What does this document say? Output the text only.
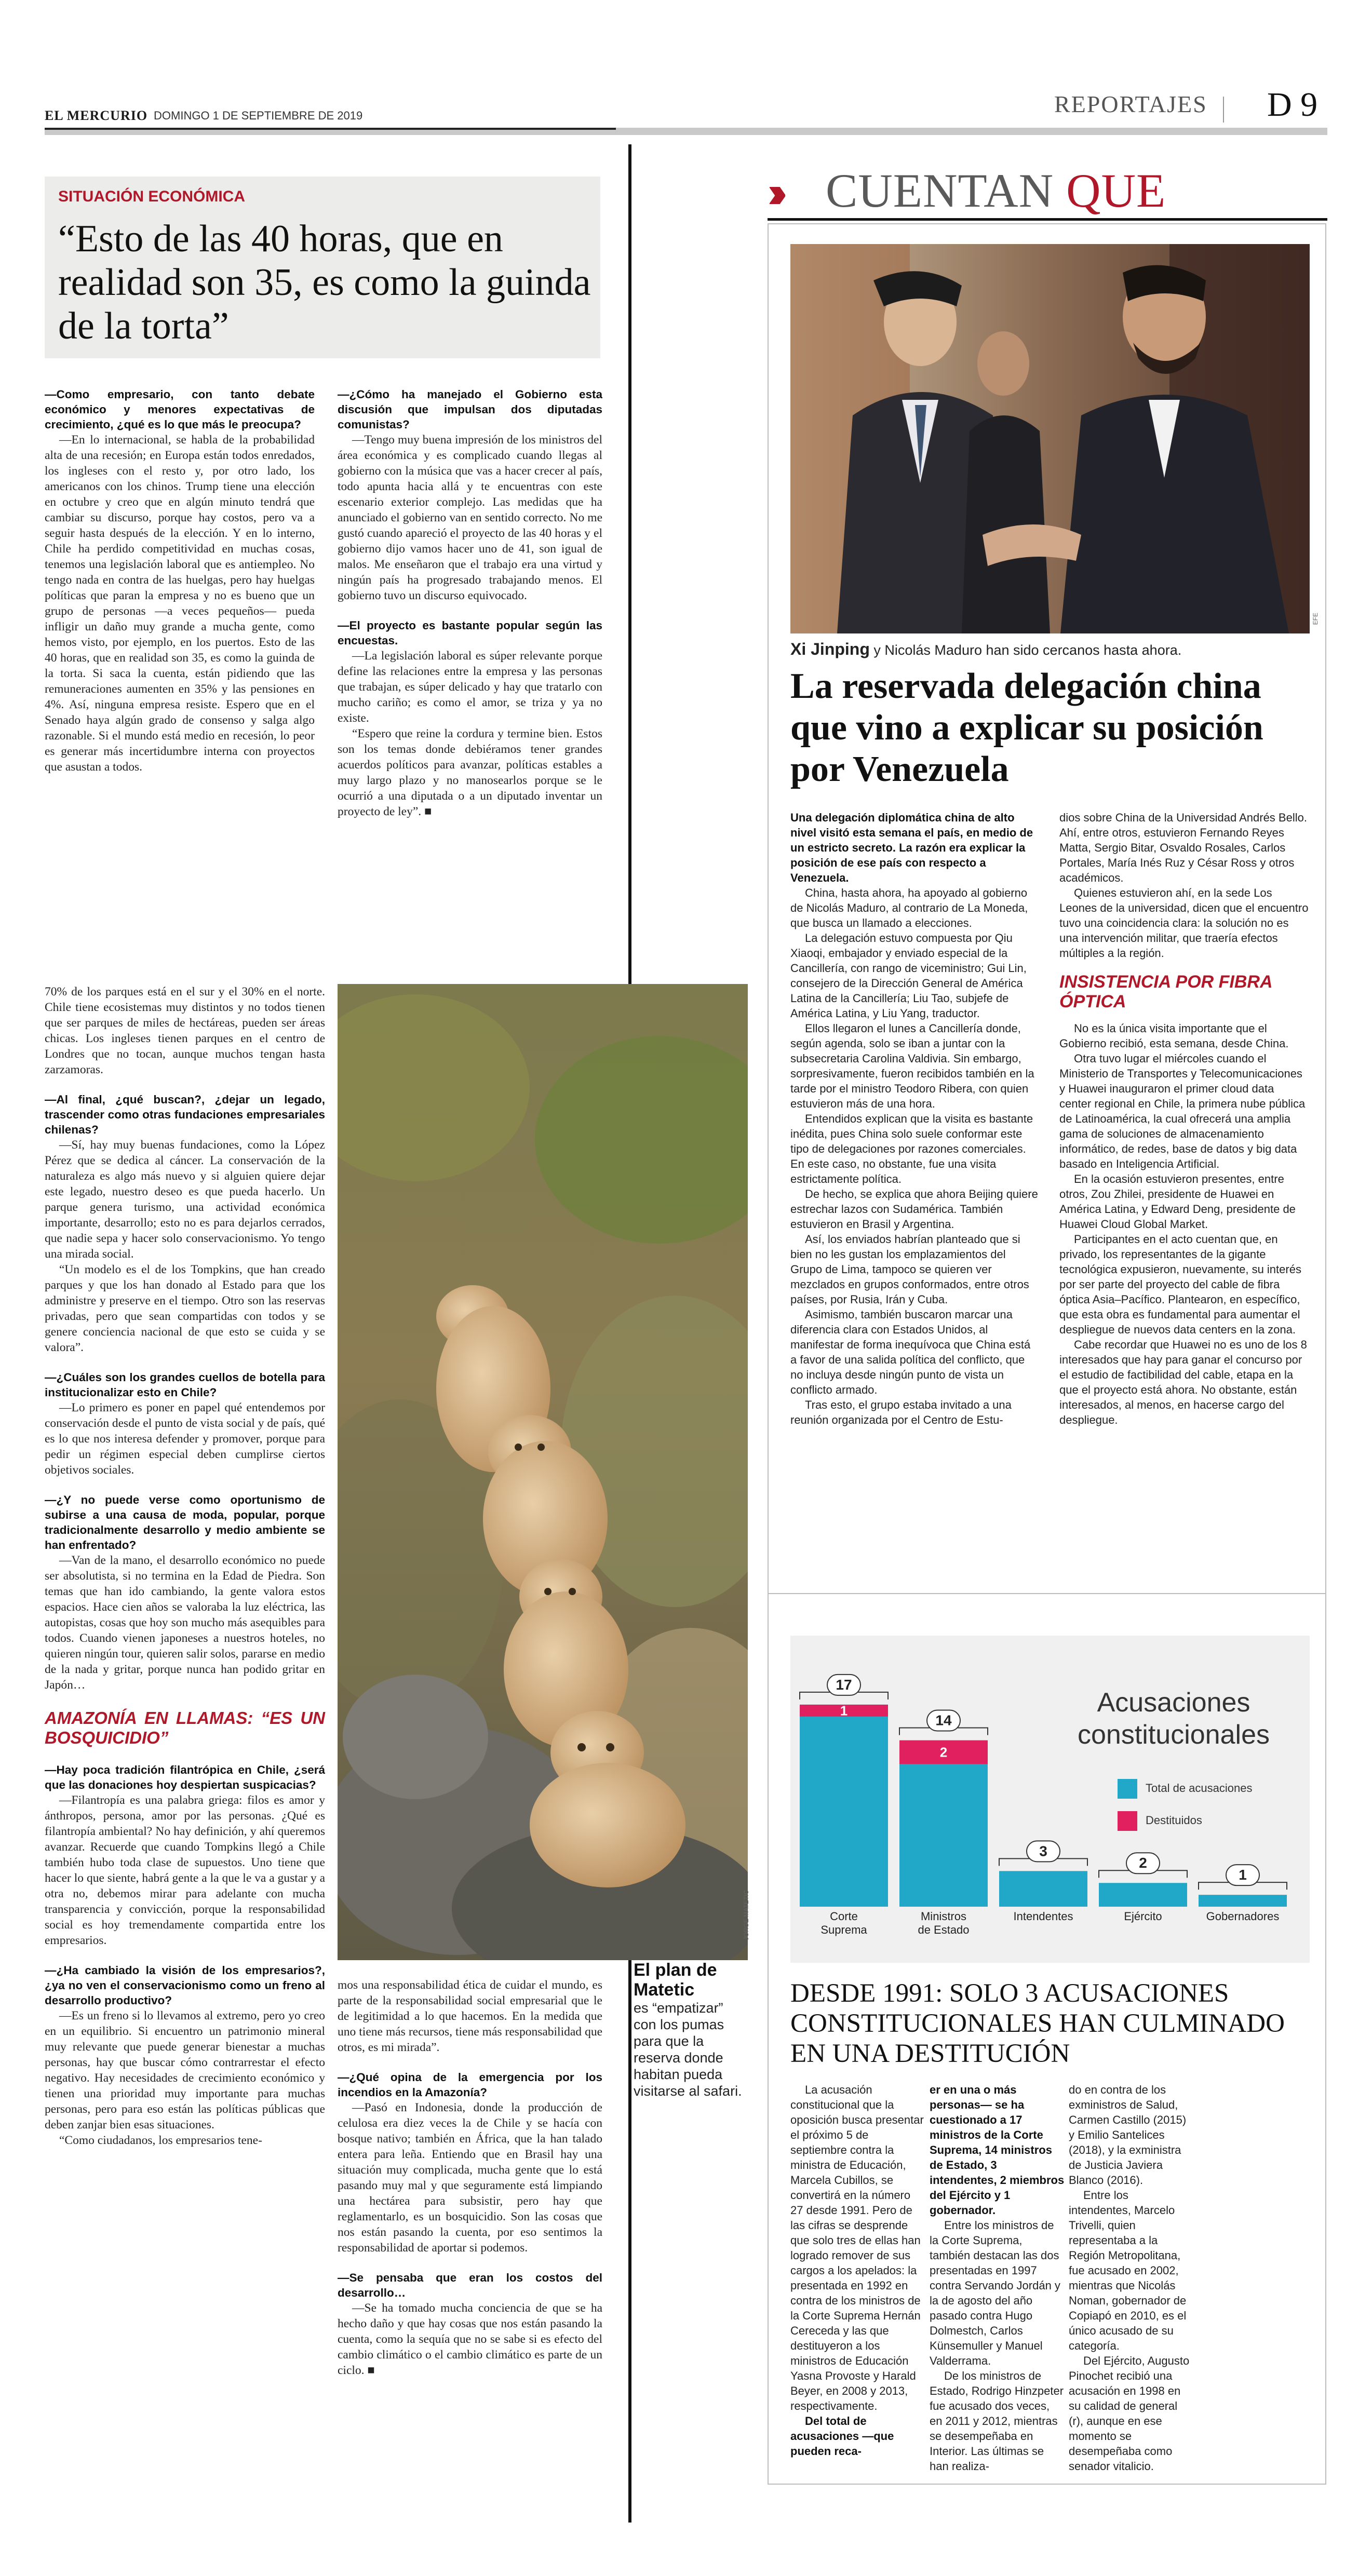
EL MERCURIO DOMINGO 1 DE SEPTIEMBRE DE 2019	REPORTAJES D 9
SITUACIÓN ECONÓMICA
“Esto de las 40 horas, que en realidad son 35, es como la guinda de la torta”

—Como empresario, con tanto debate económico y menores expectativas de crecimiento, ¿qué es lo que más le preocupa?

—En lo internacional, se habla de la probabilidad alta de una recesión; en Europa están todos enredados, los ingleses con el resto y, por otro lado, los americanos con los chinos. Trump tiene una elección en octubre y creo que en algún minuto tendrá que cambiar su discurso, porque hay costos, pero va a seguir hasta después de la elección. Y en lo interno, Chile ha perdido competitividad en muchas cosas, tenemos una legislación laboral que es antiempleo. No tengo nada en contra de las huelgas, pero hay huelgas políticas que paran la empresa y no es bueno que un grupo de personas —a veces pequeños— pueda infligir un daño muy grande a mucha gente, como hemos visto, por ejemplo, en los puertos. Esto de las 40 horas, que en realidad son 35, es como la guinda de la torta. Si saca la cuenta, están pidiendo que las remuneraciones aumenten en 35% y las pensiones en 4%. Así, ninguna empresa resiste. Espero que en el Senado haya algún grado de consenso y salga algo razonable. Si el mundo está medio en recesión, lo peor es generar más incertidumbre interna con proyectos que asustan a todos.

—¿Cómo ha manejado el Gobierno esta discusión que impulsan dos diputadas comunistas?

—Tengo muy buena impresión de los ministros del área económica y es complicado cuando llegas al gobierno con la música que vas a hacer crecer al país, todo apunta hacia allá y te encuentras con este escenario exterior complejo. Las medidas que ha anunciado el gobierno van en sentido correcto. No me gustó cuando apareció el proyecto de las 40 horas y el gobierno dijo vamos hacer uno de 41, son igual de malos. Me enseñaron que el trabajo era una virtud y ningún país ha progresado trabajando menos. El gobierno tuvo un discurso equivocado.

—El proyecto es bastante popular según las encuestas.

—La legislación laboral es súper relevante porque define las relaciones entre la empresa y las personas que trabajan, es súper delicado y hay que tratarlo con mucho cariño; es como el amor, se triza y ya no existe.

“Espero que reine la cordura y termine bien. Estos son los temas donde debiéramos tener grandes acuerdos políticos para avanzar, políticas estables a muy largo plazo y no manosearlos porque se le ocurrió a una diputada o a un diputado inventar un proyecto de ley”. ■

70% de los parques está en el sur y el 30% en el norte. Chile tiene ecosistemas muy distintos y no todos tienen que ser parques de miles de hectáreas, pueden ser áreas chicas. Los ingleses tienen parques en el centro de Londres que no tocan, aunque muchos tengan hasta zarzamoras.

—Al final, ¿qué buscan?, ¿dejar un legado, trascender como otras fundaciones empresariales chilenas?

—Sí, hay muy buenas fundaciones, como la López Pérez que se dedica al cáncer. La conservación de la naturaleza es algo más nuevo y si alguien quiere dejar este legado, nuestro deseo es que pueda hacerlo. Un parque genera turismo, una actividad económica importante, desarrollo; esto no es para dejarlos cerrados, que nadie sepa y hacer solo conservacionismo. Yo tengo una mirada social.

“Un modelo es el de los Tompkins, que han creado parques y que los han donado al Estado para que los administre y preserve en el tiempo. Otro son las reservas privadas, pero que sean compartidas con todos y se genere conciencia nacional de que esto se cuida y se valora”.

—¿Cuáles son los grandes cuellos de botella para institucionalizar esto en Chile?

—Lo primero es poner en papel qué entendemos por conservación desde el punto de vista social y de país, qué es lo que nos interesa defender y promover, porque para pedir un régimen especial deben cumplirse ciertos objetivos sociales.

—¿Y no puede verse como oportunismo de subirse a una causa de moda, popular, porque tradicionalmente desarrollo y medio ambiente se han enfrentado?

—Van de la mano, el desarrollo económico no puede ser absolutista, si no termina en la Edad de Piedra. Son temas que han ido cambiando, la gente valora estos espacios. Hace cien años se valoraba la luz eléctrica, las autopistas, cosas que hoy son mucho más asequibles para todos. Cuando vienen japoneses a nuestros hoteles, no quieren ningún tour, quieren salir solos, pararse en medio de la nada y gritar, porque nunca han podido gritar en Japón…

AMAZONÍA EN LLAMAS: “ES UN BOSQUICIDIO”

—Hay poca tradición filantrópica en Chile, ¿será que las donaciones hoy despiertan suspicacias?

—Filantropía es una palabra griega: filos es amor y ánthropos, persona, amor por las personas. ¿Qué es filantropía ambiental? No hay definición, y ahí queremos avanzar. Recuerde que cuando Tompkins llegó a Chile también hubo toda clase de supuestos. Uno tiene que hacer lo que siente, habrá gente a la que le va a gustar y a otra no, debemos mirar para adelante con mucha transparencia y convicción, porque la responsabilidad social es hoy tremendamente compartida entre los empresarios.

—¿Ha cambiado la visión de los empresarios?, ¿ya no ven el conservacionismo como un freno al desarrollo productivo?

—Es un freno si lo llevamos al extremo, pero yo creo en un equilibrio. Si encuentro un patrimonio mineral muy relevante que puede generar bienestar a muchas personas, hay que buscar cómo contrarrestar el efecto negativo. Hay necesidades de crecimiento económico y tienen una prioridad muy importante para muchas personas, pero para eso están las políticas públicas que deben zanjar bien esas situaciones.

“Como ciudadanos, los empresarios tene-

mos una responsabilidad ética de cuidar el mundo, es parte de la responsabilidad social empresarial que le de legitimidad a lo que hacemos. En la medida que uno tiene más recursos, tiene más responsabilidad que otros, es mi mirada”.

—¿Qué opina de la emergencia por los incendios en la Amazonía?

—Pasó en Indonesia, donde la producción de celulosa era diez veces la de Chile y se hacía con bosque nativo; también en África, que la han talado entera para leña. Entiendo que en Brasil hay una situación muy complicada, mucha gente que lo está pasando muy mal y que seguramente está limpiando una hectárea para subsistir, pero hay que reglamentarlo, es un bosquicidio. Son las cosas que nos están pasando la cuenta, por eso sentimos la responsabilidad de aportar si podemos.

—Se pensaba que eran los costos del desarrollo…

—Se ha tomado mucha conciencia de que se ha hecho daño y que hay cosas que nos están pasando la cuenta, como la sequía que no se sabe si es efecto del cambio climático o el cambio climático es parte de un ciclo. ■

JORGE MATETIC
El plan de Matetic
es “empatizar” con los pumas para que la reserva donde habitan pueda visitarse al safari.
›› CUENTAN QUE
EFE
Xi Jinping y Nicolás Maduro han sido cercanos hasta ahora.
La reservada delegación china que vino a explicar su posición por Venezuela

Una delegación diplomática china de alto nivel visitó esta semana el país, en medio de un estricto secreto. La razón era explicar la posición de ese país con respecto a Venezuela.

China, hasta ahora, ha apoyado al gobierno de Nicolás Maduro, al contrario de La Moneda, que busca un llamado a elecciones.

La delegación estuvo compuesta por Qiu Xiaoqi, embajador y enviado especial de la Cancillería, con rango de viceministro; Gui Lin, consejero de la Dirección General de América Latina de la Cancillería; Liu Tao, subjefe de América Latina, y Liu Yang, traductor.

Ellos llegaron el lunes a Cancillería donde, según agenda, solo se iban a juntar con la subsecretaria Carolina Valdivia. Sin embargo, sorpresivamente, fueron recibidos también en la tarde por el ministro Teodoro Ribera, con quien estuvieron más de una hora.

Entendidos explican que la visita es bastante inédita, pues China solo suele conformar este tipo de delegaciones por razones comerciales. En este caso, no obstante, fue una visita estrictamente política.

De hecho, se explica que ahora Beijing quiere estrechar lazos con Sudamérica. También estuvieron en Brasil y Argentina.

Así, los enviados habrían planteado que si bien no les gustan los emplazamientos del Grupo de Lima, tampoco se quieren ver mezclados en grupos conformados, entre otros países, por Rusia, Irán y Cuba.

Asimismo, también buscaron marcar una diferencia clara con Estados Unidos, al manifestar de forma inequívoca que China está a favor de una salida política del conflicto, que no incluya desde ningún punto de vista un conflicto armado.

Tras esto, el grupo estaba invitado a una reunión organizada por el Centro de Estu-

dios sobre China de la Universidad Andrés Bello. Ahí, entre otros, estuvieron Fernando Reyes Matta, Sergio Bitar, Osvaldo Rosales, Carlos Portales, María Inés Ruz y César Ross y otros académicos.

Quienes estuvieron ahí, en la sede Los Leones de la universidad, dicen que el encuentro tuvo una coincidencia clara: la solución no es una intervención militar, que traería efectos múltiples a la región.

INSISTENCIA POR FIBRA ÓPTICA

No es la única visita importante que el Gobierno recibió, esta semana, desde China.

Otra tuvo lugar el miércoles cuando el Ministerio de Transportes y Telecomunicaciones y Huawei inauguraron el primer cloud data center regional en Chile, la primera nube pública de Latinoamérica, la cual ofrecerá una amplia gama de soluciones de almacenamiento informático, de redes, base de datos y big data basado en Inteligencia Artificial.

En la ocasión estuvieron presentes, entre otros, Zou Zhilei, presidente de Huawei en América Latina, y Edward Deng, presidente de Huawei Cloud Global Market.

Participantes en el acto cuentan que, en privado, los representantes de la gigante tecnológica expusieron, nuevamente, su interés por ser parte del proyecto del cable de fibra óptica Asia–Pacífico. Plantearon, en específico, que esta obra es fundamental para aumentar el despliegue de nuevos data centers en la zona.

Cabe recordar que Huawei no es uno de los 8 interesados que hay para ganar el concurso por el estudio de factibilidad del cable, etapa en la que el proyecto está ahora. No obstante, están interesados, al menos, en hacerse cargo del despliegue.

1
17
Corte
Suprema
2
14
Ministros
de Estado
3
Intendentes
2
Ejército
1
Gobernadores
Acusaciones constitucionales
Total de acusaciones
Destituidos
DESDE 1991: SOLO 3 ACUSACIONES CONSTITUCIONALES HAN CULMINADO EN UNA DESTITUCIÓN

La acusación constitucional que la oposición busca presentar el próximo 5 de septiembre contra la ministra de Educación, Marcela Cubillos, se convertirá en la número 27 desde 1991. Pero de las cifras se desprende que solo tres de ellas han logrado remover de sus cargos a los apelados: la presentada en 1992 en contra de los ministros de la Corte Suprema Hernán Cereceda y las que destituyeron a los ministros de Educación Yasna Provoste y Harald Beyer, en 2008 y 2013, respectivamente.

Del total de acusaciones —que pueden reca-

er en una o más personas— se ha cuestionado a 17 ministros de la Corte Suprema, 14 ministros de Estado, 3 intendentes, 2 miembros del Ejército y 1 gobernador.

Entre los ministros de la Corte Suprema, también destacan las dos presentadas en 1997 contra Servando Jordán y la de agosto del año pasado contra Hugo Dolmestch, Carlos Künsemuller y Manuel Valderrama.

De los ministros de Estado, Rodrigo Hinzpeter fue acusado dos veces, en 2011 y 2012, mientras se desempeñaba en Interior. Las últimas se han realiza-

do en contra de los exministros de Salud, Carmen Castillo (2015) y Emilio Santelices (2018), y la exministra de Justicia Javiera Blanco (2016).

Entre los intendentes, Marcelo Trivelli, quien representaba a la Región Metropolitana, fue acusado en 2002, mientras que Nicolás Noman, gobernador de Copiapó en 2010, es el único acusado de su categoría.

Del Ejército, Augusto Pinochet recibió una acusación en 1998 en su calidad de general (r), aunque en ese momento se desempeñaba como senador vitalicio.
